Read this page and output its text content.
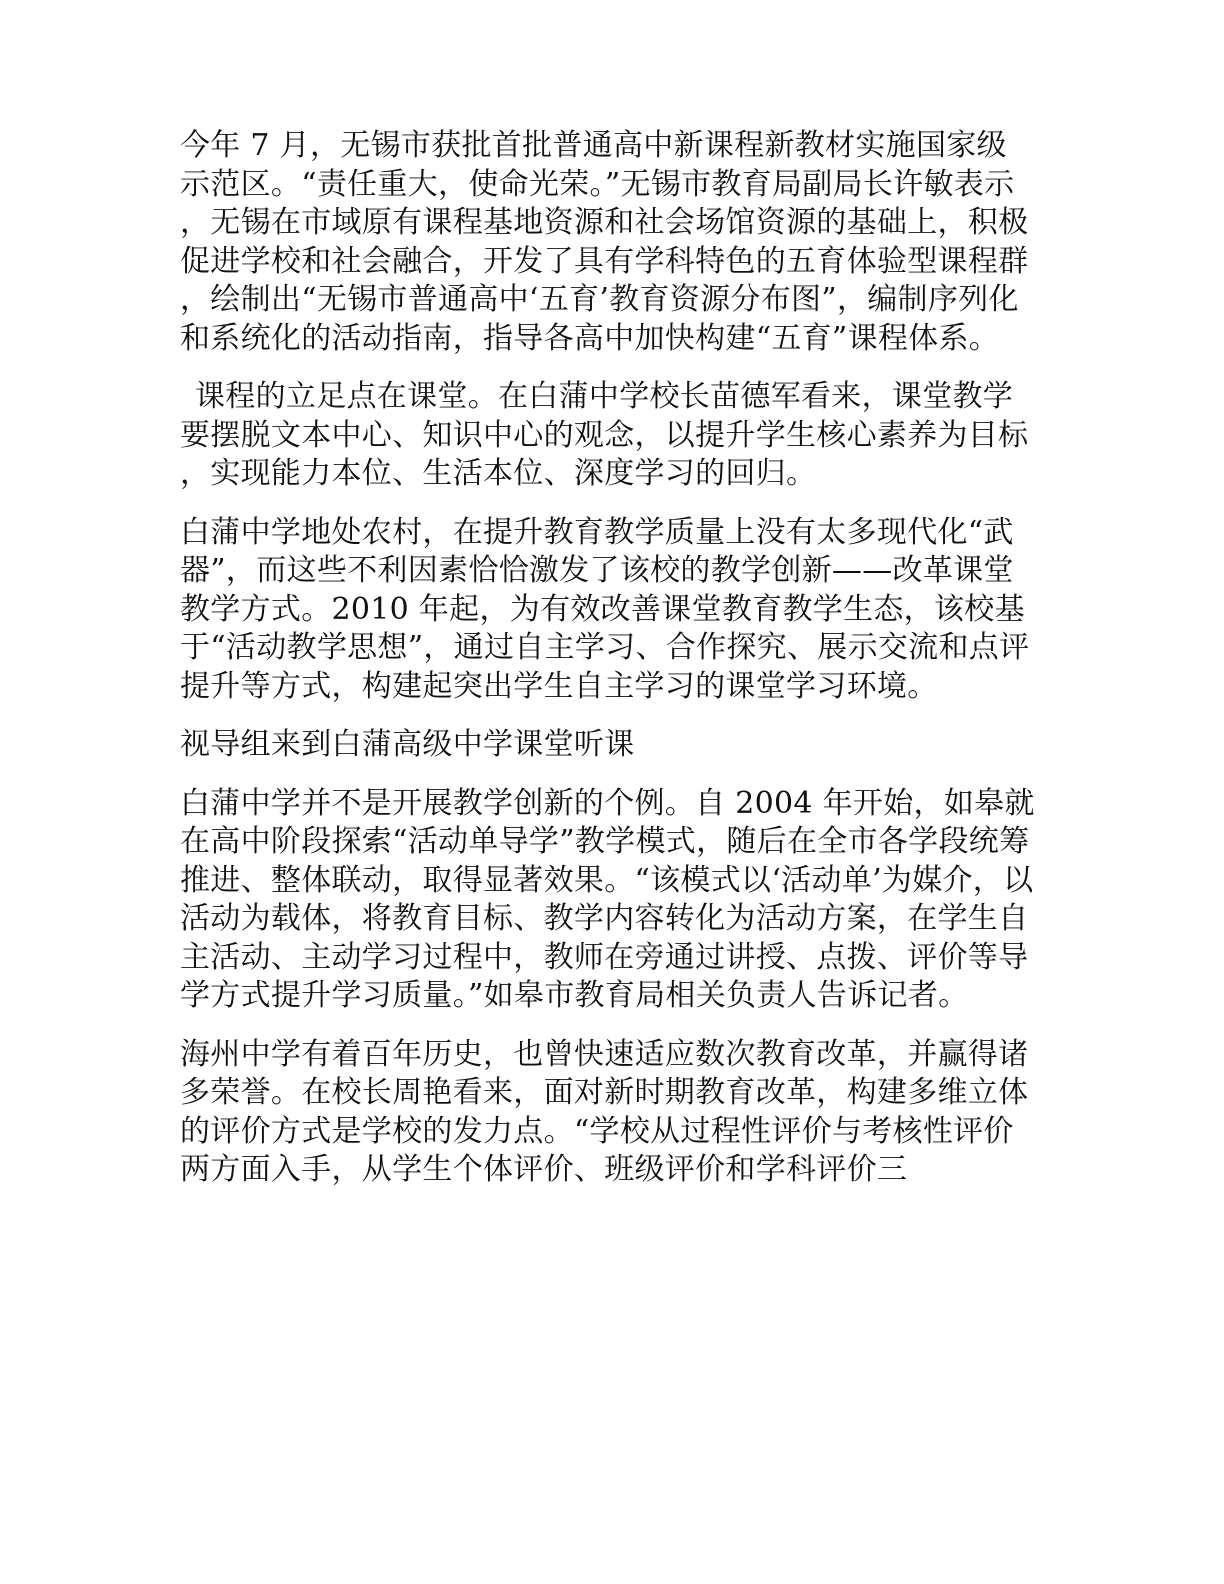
今年 7 月，无锡市获批首批普通高中新课程新教材实施国家级示范区。“责任重大，使命光荣。”无锡市教育局副局长许敏表示，无锡在市域原有课程基地资源和社会场馆资源的基础上，积极促进学校和社会融合，开发了具有学科特色的五育体验型课程群，绘制出“无锡市普通高中‘五育’教育资源分布图”，编制序列化和系统化的活动指南，指导各高中加快构建“五育”课程体系。

课程的立足点在课堂。在白蒲中学校长苗德军看来，课堂教学要摆脱文本中心、知识中心的观念，以提升学生核心素养为目标，实现能力本位、生活本位、深度学习的回归。

白蒲中学地处农村，在提升教育教学质量上没有太多现代化“武器”，而这些不利因素恰恰激发了该校的教学创新——改革课堂教学方式。2010 年起，为有效改善课堂教育教学生态，该校基于“活动教学思想”，通过自主学习、合作探究、展示交流和点评提升等方式，构建起突出学生自主学习的课堂学习环境。

视导组来到白蒲高级中学课堂听课

白蒲中学并不是开展教学创新的个例。自 2004 年开始，如皋就在高中阶段探索“活动单导学”教学模式，随后在全市各学段统筹推进、整体联动，取得显著效果。“该模式以‘活动单’为媒介，以活动为载体，将教育目标、教学内容转化为活动方案，在学生自主活动、主动学习过程中，教师在旁通过讲授、点拨、评价等导学方式提升学习质量。”如皋市教育局相关负责人告诉记者。

海州中学有着百年历史，也曾快速适应数次教育改革，并赢得诸多荣誉。在校长周艳看来，面对新时期教育改革，构建多维立体的评价方式是学校的发力点。“学校从过程性评价与考核性评价两方面入手，从学生个体评价、班级评价和学科评价三
